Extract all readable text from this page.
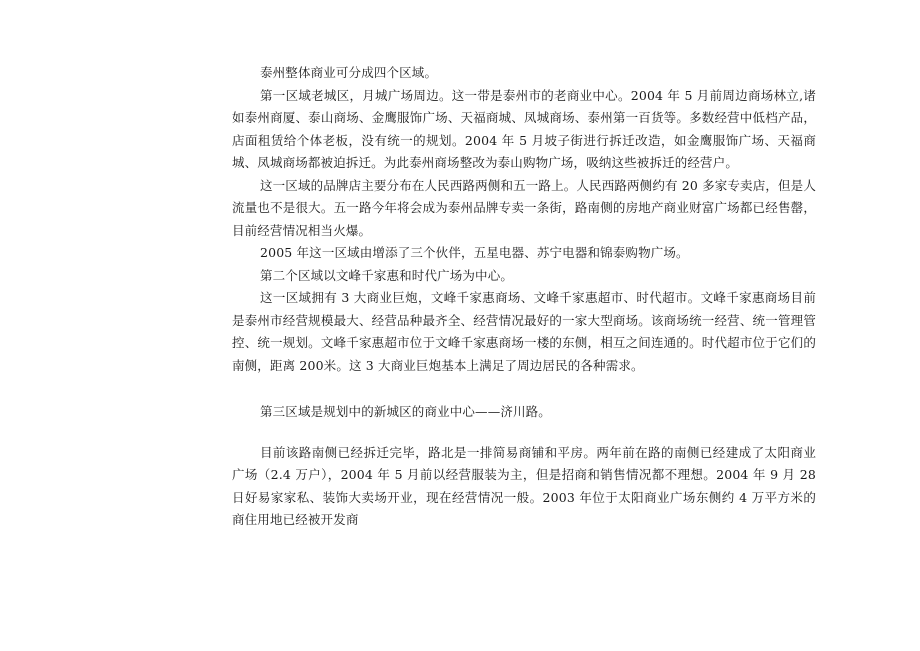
泰州整体商业可分成四个区域。

第一区域老城区，月城广场周边。这一带是泰州市的老商业中心。2004 年 5 月前周边商场林立,诸如泰州商厦、泰山商场、金鹰服饰广场、天福商城、凤城商场、泰州第一百货等。多数经营中低档产品，店面租赁给个体老板，没有统一的规划。2004 年 5 月坡子街进行拆迁改造，如金鹰服饰广场、天福商城、凤城商场都被迫拆迁。为此泰州商场整改为泰山购物广场，吸纳这些被拆迁的经营户。

这一区域的品牌店主要分布在人民西路两侧和五一路上。人民西路两侧约有 20 多家专卖店，但是人流量也不是很大。五一路今年将会成为泰州品牌专卖一条街，路南侧的房地产商业财富广场都已经售罄，目前经营情况相当火爆。

2005 年这一区域由增添了三个伙伴，五星电器、苏宁电器和锦泰购物广场。

第二个区域以文峰千家惠和时代广场为中心。

这一区域拥有 3 大商业巨炮，文峰千家惠商场、文峰千家惠超市、时代超市。文峰千家惠商场目前是泰州市经营规模最大、经营品种最齐全、经营情况最好的一家大型商场。该商场统一经营、统一管理管控、统一规划。文峰千家惠超市位于文峰千家惠商场一楼的东侧，相互之间连通的。时代超市位于它们的南侧，距离 200米。这 3 大商业巨炮基本上满足了周边居民的各种需求。

第三区域是规划中的新城区的商业中心——济川路。

目前该路南侧已经拆迁完毕，路北是一排简易商铺和平房。两年前在路的南侧已经建成了太阳商业广场（2.4 万户），2004 年 5 月前以经营服装为主，但是招商和销售情况都不理想。2004 年 9 月 28 日好易家家私、装饰大卖场开业，现在经营情况一般。2003 年位于太阳商业广场东侧约 4 万平方米的商住用地已经被开发商
